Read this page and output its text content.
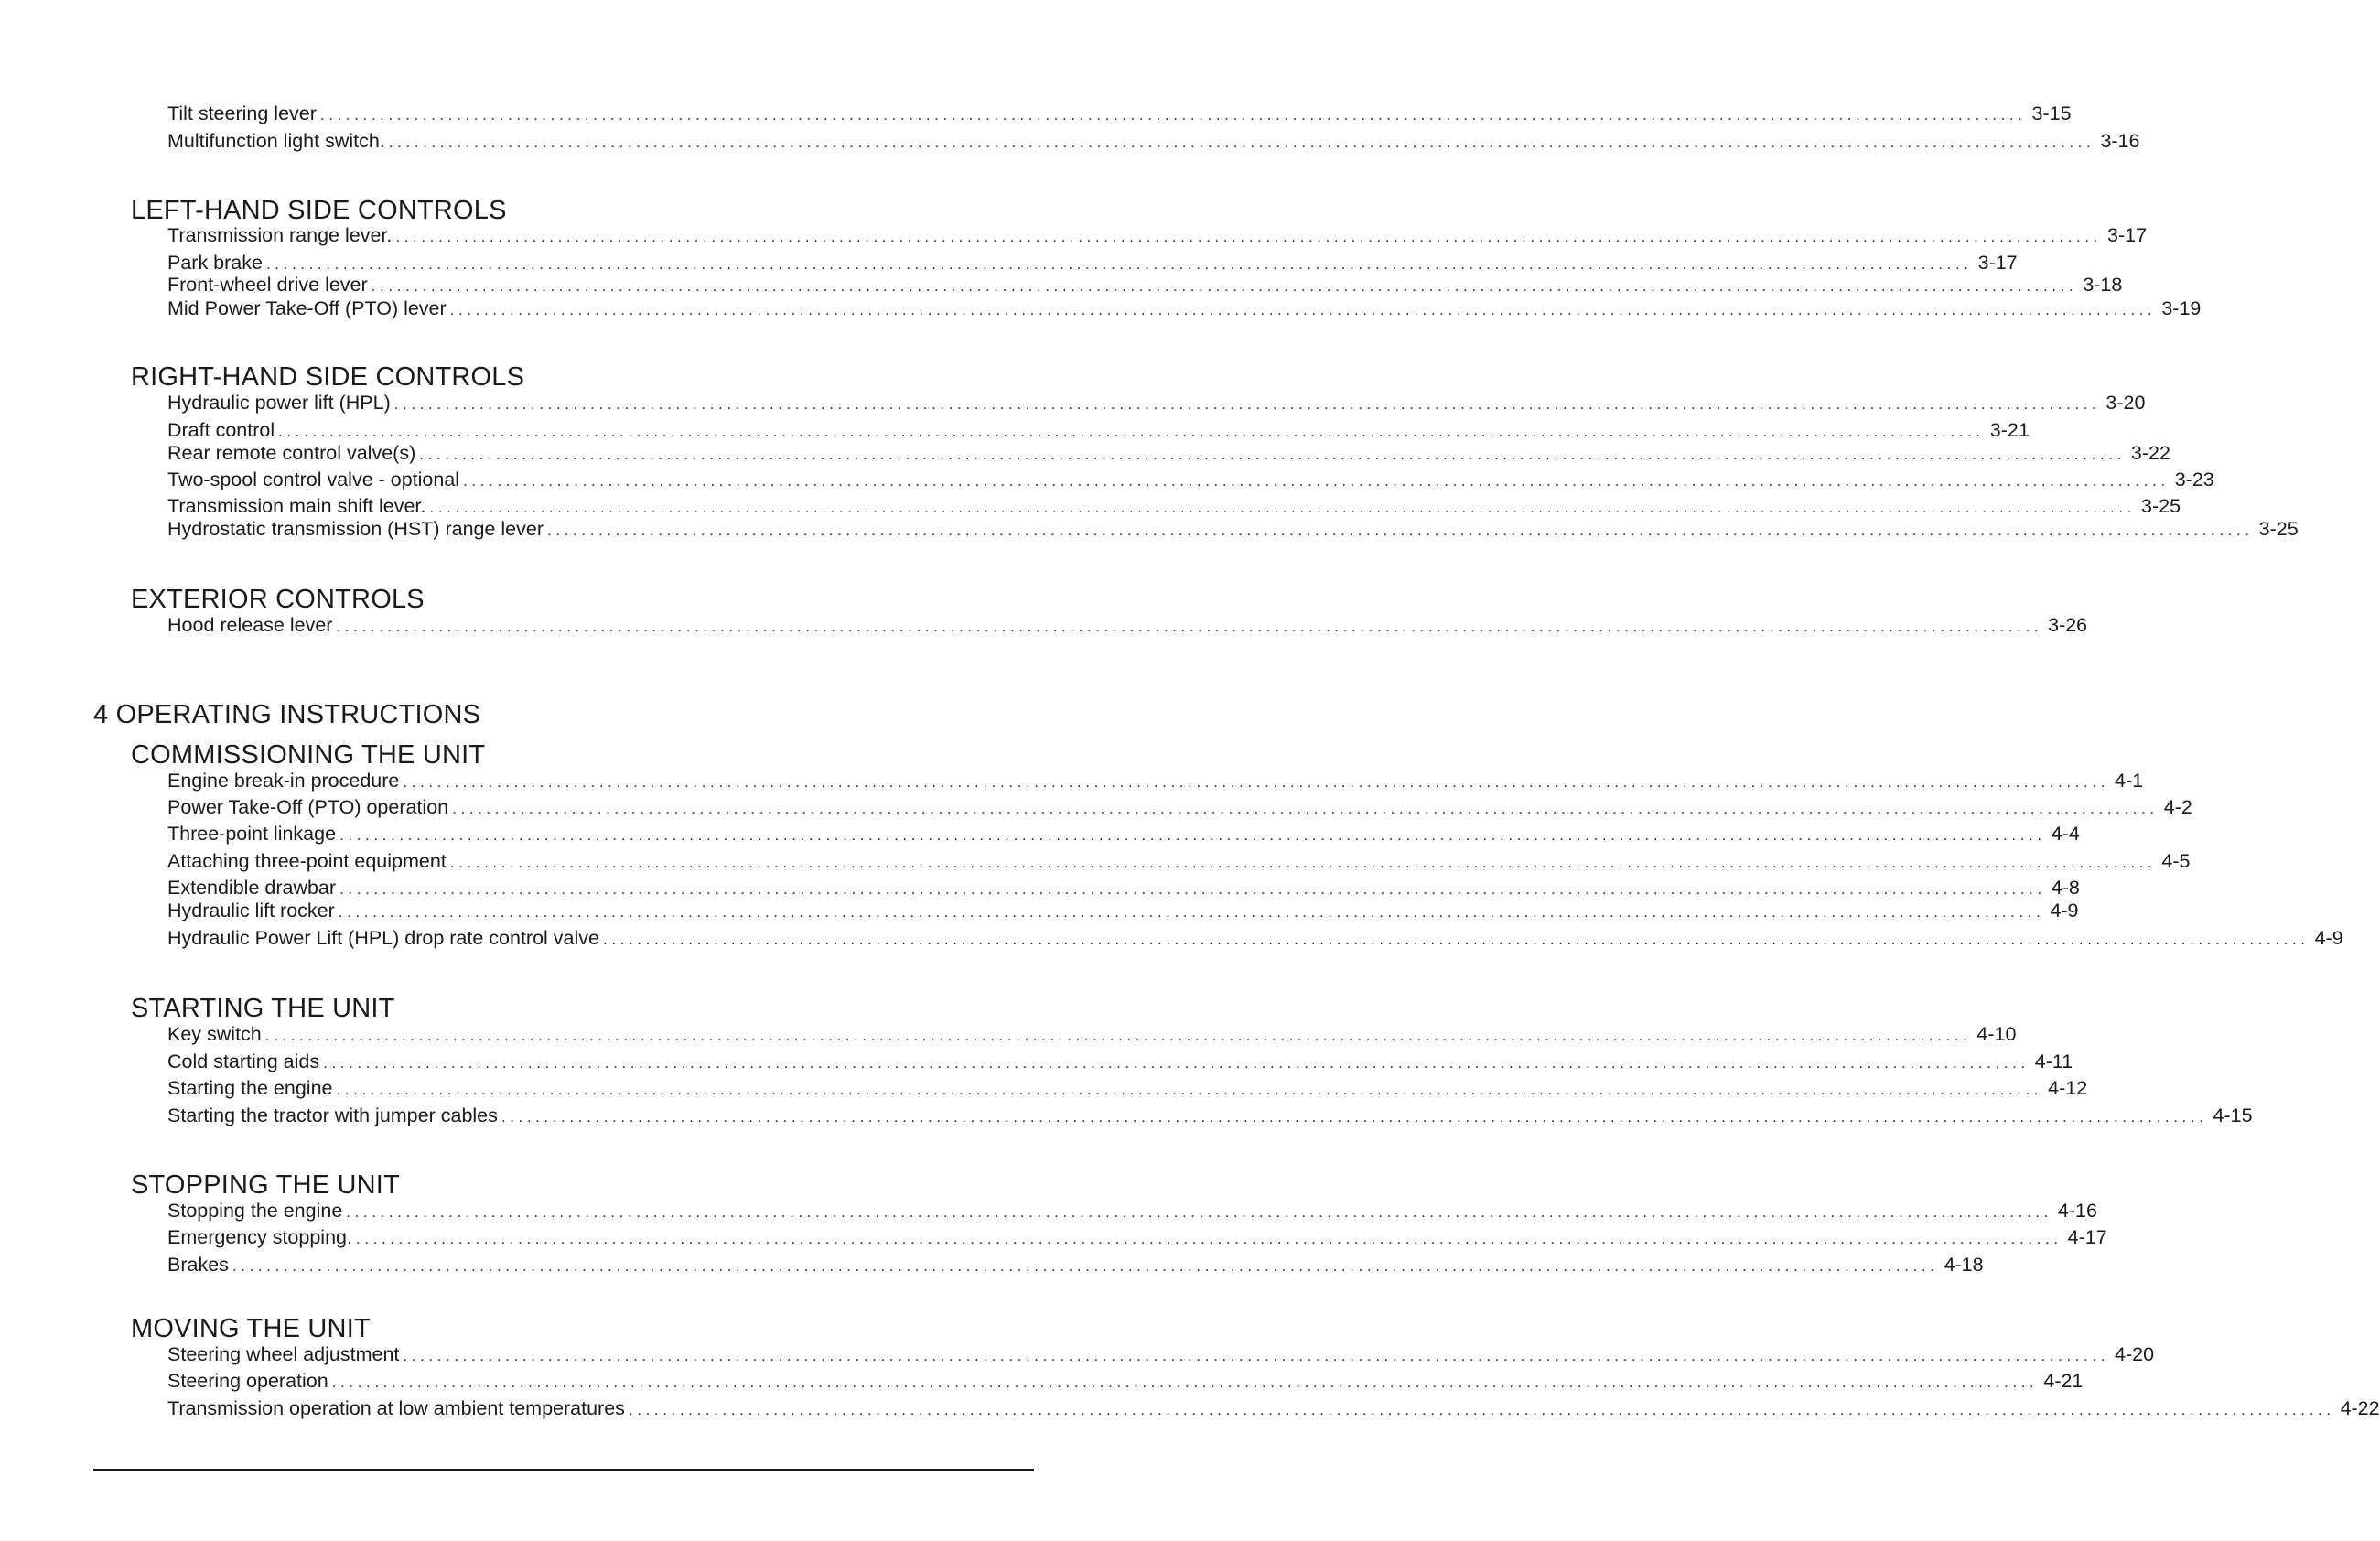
Tilt steering lever ........................................................................................................................................................................................................ 3-15
Multifunction light switch. ........................................................................................................................................................................................................ 3-16
LEFT-HAND SIDE CONTROLS
Transmission range lever. ........................................................................................................................................................................................................ 3-17
Park brake ........................................................................................................................................................................................................ 3-17
Front-wheel drive lever ........................................................................................................................................................................................................ 3-18
Mid Power Take-Off (PTO) lever ........................................................................................................................................................................................................ 3-19
RIGHT-HAND SIDE CONTROLS
Hydraulic power lift (HPL) ........................................................................................................................................................................................................ 3-20
Draft control ........................................................................................................................................................................................................ 3-21
Rear remote control valve(s) ........................................................................................................................................................................................................ 3-22
Two-spool control valve - optional ........................................................................................................................................................................................................ 3-23
Transmission main shift lever. ........................................................................................................................................................................................................ 3-25
Hydrostatic transmission (HST) range lever ........................................................................................................................................................................................................ 3-25
EXTERIOR CONTROLS
Hood release lever ........................................................................................................................................................................................................ 3-26
4 OPERATING INSTRUCTIONS
COMMISSIONING THE UNIT
Engine break-in procedure ........................................................................................................................................................................................................ 4-1
Power Take-Off (PTO) operation ........................................................................................................................................................................................................ 4-2
Three-point linkage ........................................................................................................................................................................................................ 4-4
Attaching three-point equipment ........................................................................................................................................................................................................ 4-5
Extendible drawbar ........................................................................................................................................................................................................ 4-8
Hydraulic lift rocker ........................................................................................................................................................................................................ 4-9
Hydraulic Power Lift (HPL) drop rate control valve ........................................................................................................................................................................................................ 4-9
STARTING THE UNIT
Key switch ........................................................................................................................................................................................................ 4-10
Cold starting aids ........................................................................................................................................................................................................ 4-11
Starting the engine ........................................................................................................................................................................................................ 4-12
Starting the tractor with jumper cables ........................................................................................................................................................................................................ 4-15
STOPPING THE UNIT
Stopping the engine ........................................................................................................................................................................................................ 4-16
Emergency stopping. ........................................................................................................................................................................................................ 4-17
Brakes ........................................................................................................................................................................................................ 4-18
MOVING THE UNIT
Steering wheel adjustment ........................................................................................................................................................................................................ 4-20
Steering operation ........................................................................................................................................................................................................ 4-21
Transmission operation at low ambient temperatures ........................................................................................................................................................................................................ 4-22
